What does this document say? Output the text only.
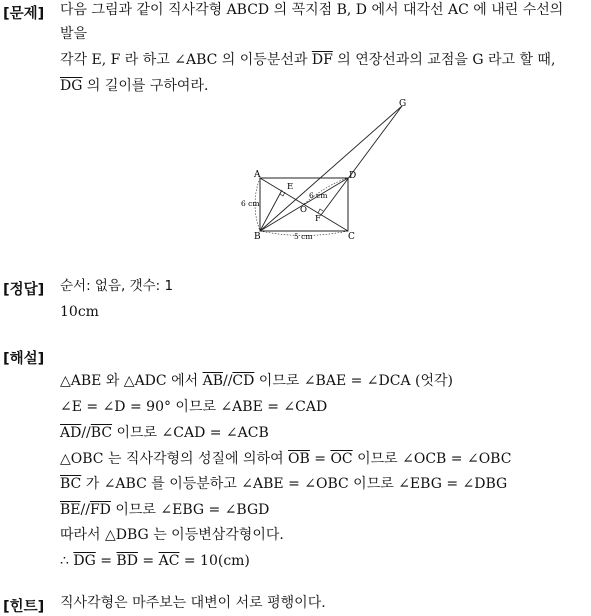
[문제] 다음 그림과 같이 직사각형 ABCD 의 꼭지점 B, D 에서 대각선 AC 에 내린 수선의
발을
각각 E, F 라 하고 ∠ABC 의 이등분선과 $\overline{DF}$ 의 연장선과의 교점을 G 라고 할 때,
$\overline{DG}$ 의 길이를 구하여라.
A
B	C
D
E
F
G
O
6 cm
5 cm
6 cm
[정답] 순서: 없음, 갯수: 1
10cm
[해설]
△ABE 와 △ADC 에서 $\overline{AB}//\overline{CD}$ 이므로 ∠BAE = ∠DCA (엇각)
∠E = ∠D = 90° 이므로 ∠ABE = ∠CAD
$\overline{AD}//\overline{BC}$ 이므로 ∠CAD = ∠ACB
△OBC 는 직사각형의 성질에 의하여 $\overline{OB} = \overline{OC}$ 이므로 ∠OCB = ∠OBC
$\overline{BC}$ 가 ∠ABC 를 이등분하고 ∠ABE = ∠OBC 이므로 ∠EBG = ∠DBG
$\overline{BE}//\overline{FD}$ 이므로 ∠EBG = ∠BGD
따라서 △DBG 는 이등변삼각형이다.
∴ $\overline{DG} = \overline{BD} = \overline{AC} = 10(cm)$
[힌트] 직사각형은 마주보는 대변이 서로 평행이다.
